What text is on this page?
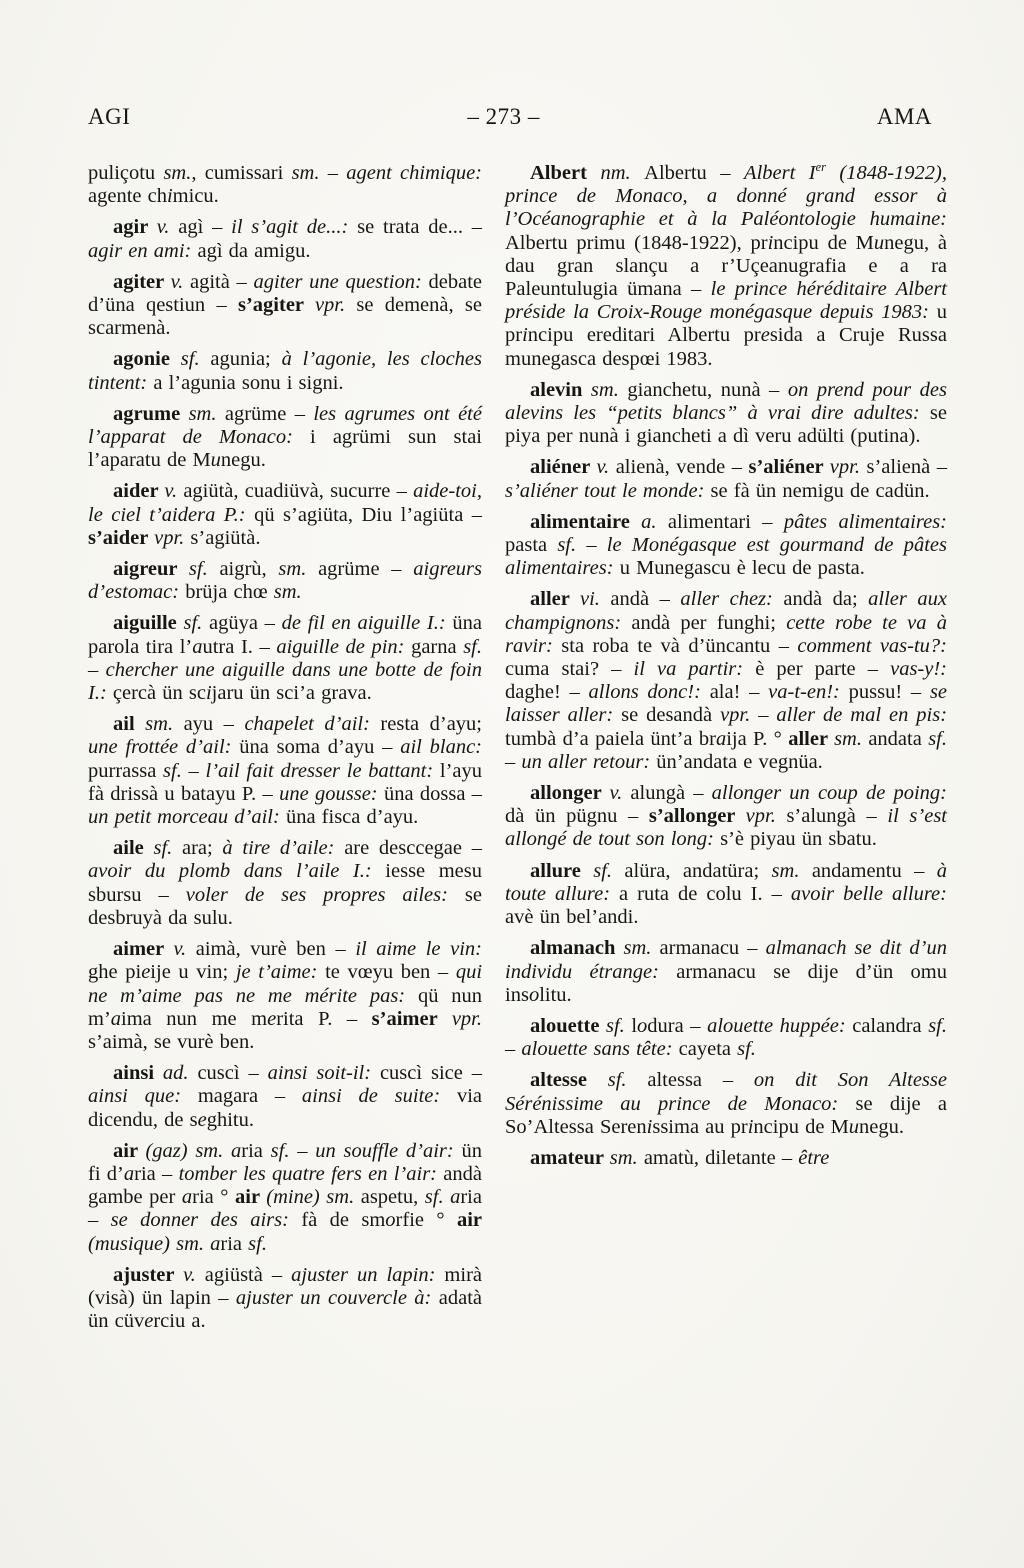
AGI	– 273 –	AMA

puliçotu sm., cumissari sm. – agent chimique: agente chimicu.

agir v. agì – il s’agit de...: se trata de... – agir en ami: agì da amigu.

agiter v. agità – agiter une question: debate d’üna qestiun – s’agiter vpr. se demenà, se scarmenà.

agonie sf. agunia; à l’agonie, les cloches tintent: a l’agunia sonu i signi.

agrume sm. agrüme – les agrumes ont été l’apparat de Monaco: i agrümi sun stai l’aparatu de Munegu.

aider v. agiütà, cuadiüvà, sucurre – aide-toi, le ciel t’aidera P.: qü s’agiüta, Diu l’agiüta – s’aider vpr. s’agiütà.

aigreur sf. aigrù, sm. agrüme – aigreurs d’estomac: brüja chœ sm.

aiguille sf. agüya – de fil en aiguille I.: üna parola tira l’autra I. – aiguille de pin: garna sf. – chercher une aiguille dans une botte de foin I.: çercà ün scijaru ün sci’a grava.

ail sm. ayu – chapelet d’ail: resta d’ayu; une frottée d’ail: üna soma d’ayu – ail blanc: purrassa sf. – l’ail fait dresser le battant: l’ayu fà drissà u batayu P. – une gousse: üna dossa – un petit morceau d’ail: üna fisca d’ayu.

aile sf. ara; à tire d’aile: are desccegae – avoir du plomb dans l’aile I.: iesse mesu sbursu – voler de ses propres ailes: se desbruyà da sulu.

aimer v. aimà, vurè ben – il aime le vin: ghe pieije u vin; je t’aime: te vœyu ben – qui ne m’aime pas ne me mérite pas: qü nun m’aima nun me merita P. – s’aimer vpr. s’aimà, se vurè ben.

ainsi ad. cuscì – ainsi soit-il: cuscì sice – ainsi que: magara – ainsi de suite: via dicendu, de seghitu.

air (gaz) sm. aria sf. – un souffle d’air: ün fi d’aria – tomber les quatre fers en l’air: andà gambe per aria ° air (mine) sm. aspetu, sf. aria – se donner des airs: fà de smorfie ° air (musique) sm. aria sf.

ajuster v. agiüstà – ajuster un lapin: mirà (visà) ün lapin – ajuster un couvercle à: adatà ün cüverciu a.

Albert nm. Albertu – Albert Ier (1848-1922), prince de Monaco, a donné grand essor à l’Océanographie et à la Paléontologie humaine: Albertu primu (1848-1922), principu de Munegu, à dau gran slançu a r’Uçeanugrafia e a ra Paleuntulugia ümana – le prince héréditaire Albert préside la Croix-Rouge monégasque depuis 1983: u principu ereditari Albertu presida a Cruje Russa munegasca despœi 1983.

alevin sm. gianchetu, nunà – on prend pour des alevins les “petits blancs” à vrai dire adultes: se piya per nunà i giancheti a dì veru adülti (putina).

aliéner v. alienà, vende – s’aliéner vpr. s’alienà – s’aliéner tout le monde: se fà ün nemigu de cadün.

alimentaire a. alimentari – pâtes alimentaires: pasta sf. – le Monégasque est gourmand de pâtes alimentaires: u Munegascu è lecu de pasta.

aller vi. andà – aller chez: andà da; aller aux champignons: andà per funghi; cette robe te va à ravir: sta roba te và d’üncantu – comment vas-tu?: cuma stai? – il va partir: è per parte – vas-y!: daghe! – allons donc!: ala! – va-t-en!: pussu! – se laisser aller: se desandà vpr. – aller de mal en pis: tumbà d’a paiela ünt’a braija P. ° aller sm. andata sf. – un aller retour: ün’andata e vegnüa.

allonger v. alungà – allonger un coup de poing: dà ün pügnu – s’allonger vpr. s’alungà – il s’est allongé de tout son long: s’è piyau ün sbatu.

allure sf. alüra, andatüra; sm. andamentu – à toute allure: a ruta de colu I. – avoir belle allure: avè ün bel’andi.

almanach sm. armanacu – almanach se dit d’un individu étrange: armanacu se dije d’ün omu insolitu.

alouette sf. lodura – alouette huppée: calandra sf. – alouette sans tête: cayeta sf.

altesse sf. altessa – on dit Son Altesse Sérénissime au prince de Monaco: se dije a So’Altessa Serenissima au principu de Munegu.

amateur sm. amatù, diletante – être
